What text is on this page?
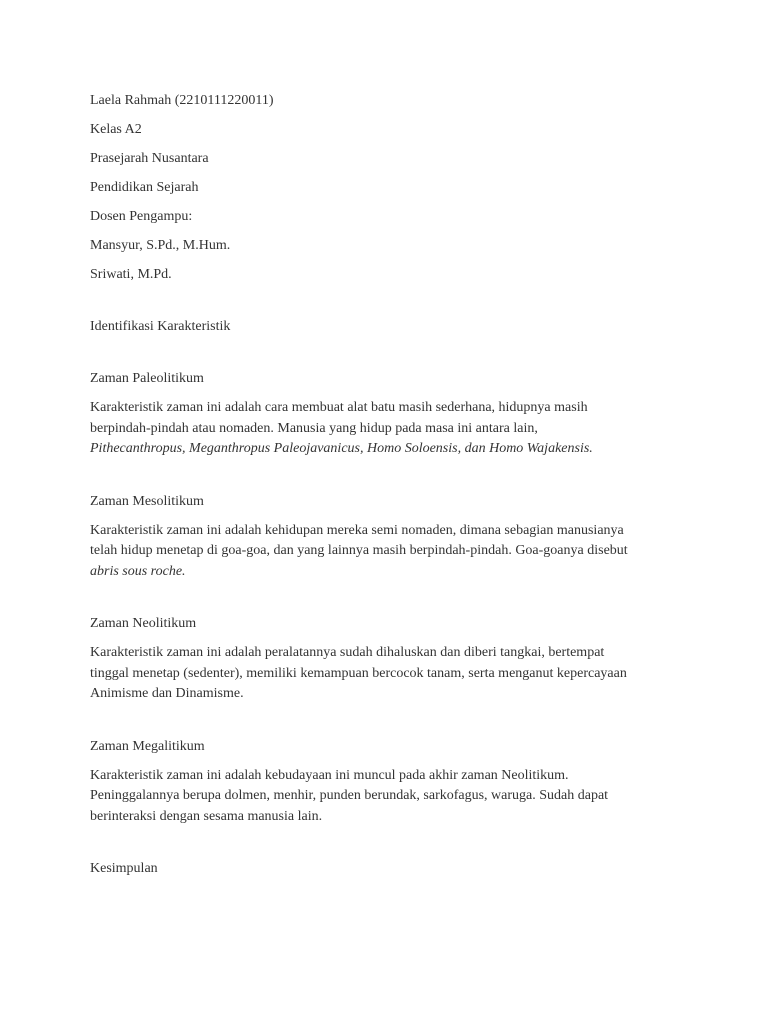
Laela Rahmah (2210111220011)

Kelas A2

Prasejarah Nusantara

Pendidikan Sejarah

Dosen Pengampu:

Mansyur, S.Pd., M.Hum.

Sriwati, M.Pd.

Identifikasi Karakteristik

Zaman Paleolitikum

Karakteristik zaman ini adalah cara membuat alat batu masih sederhana, hidupnya masih
berpindah-pindah atau nomaden. Manusia yang hidup pada masa ini antara lain,
Pithecanthropus, Meganthropus Paleojavanicus, Homo Soloensis, dan Homo Wajakensis.

Zaman Mesolitikum

Karakteristik zaman ini adalah kehidupan mereka semi nomaden, dimana sebagian manusianya
telah hidup menetap di goa-goa, dan yang lainnya masih berpindah-pindah. Goa-goanya disebut
abris sous roche.

Zaman Neolitikum

Karakteristik zaman ini adalah peralatannya sudah dihaluskan dan diberi tangkai, bertempat
tinggal menetap (sedenter), memiliki kemampuan bercocok tanam, serta menganut kepercayaan
Animisme dan Dinamisme.

Zaman Megalitikum

Karakteristik zaman ini adalah kebudayaan ini muncul pada akhir zaman Neolitikum.
Peninggalannya berupa dolmen, menhir, punden berundak, sarkofagus, waruga. Sudah dapat
berinteraksi dengan sesama manusia lain.

Kesimpulan
